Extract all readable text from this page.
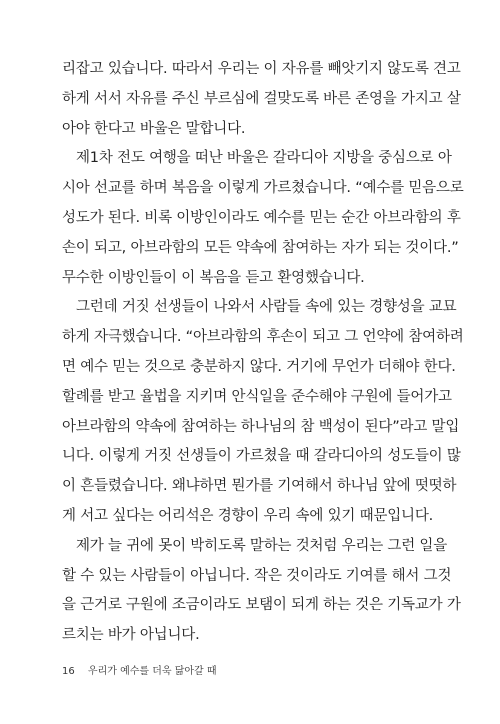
리잡고 있습니다. 따라서 우리는 이 자유를 빼앗기지 않도록 견고
하게 서서 자유를 주신 부르심에 걸맞도록 바른 존영을 가지고 살
아야 한다고 바울은 말합니다.
제1차 전도 여행을 떠난 바울은 갈라디아 지방을 중심으로 아
시아 선교를 하며 복음을 이렇게 가르쳤습니다. “예수를 믿음으로
성도가 된다. 비록 이방인이라도 예수를 믿는 순간 아브라함의 후
손이 되고, 아브라함의 모든 약속에 참여하는 자가 되는 것이다.”
무수한 이방인들이 이 복음을 듣고 환영했습니다.
그런데 거짓 선생들이 나와서 사람들 속에 있는 경향성을 교묘
하게 자극했습니다. “아브라함의 후손이 되고 그 언약에 참여하려
면 예수 믿는 것으로 충분하지 않다. 거기에 무언가 더해야 한다.
할례를 받고 율법을 지키며 안식일을 준수해야 구원에 들어가고
아브라함의 약속에 참여하는 하나님의 참 백성이 된다”라고 말입
니다. 이렇게 거짓 선생들이 가르쳤을 때 갈라디아의 성도들이 많
이 흔들렸습니다. 왜냐하면 뭔가를 기여해서 하나님 앞에 떳떳하
게 서고 싶다는 어리석은 경향이 우리 속에 있기 때문입니다.
제가 늘 귀에 못이 박히도록 말하는 것처럼 우리는 그런 일을
할 수 있는 사람들이 아닙니다. 작은 것이라도 기여를 해서 그것
을 근거로 구원에 조금이라도 보탬이 되게 하는 것은 기독교가 가
르치는 바가 아닙니다.
16 우리가 예수를 더욱 닮아갈 때
